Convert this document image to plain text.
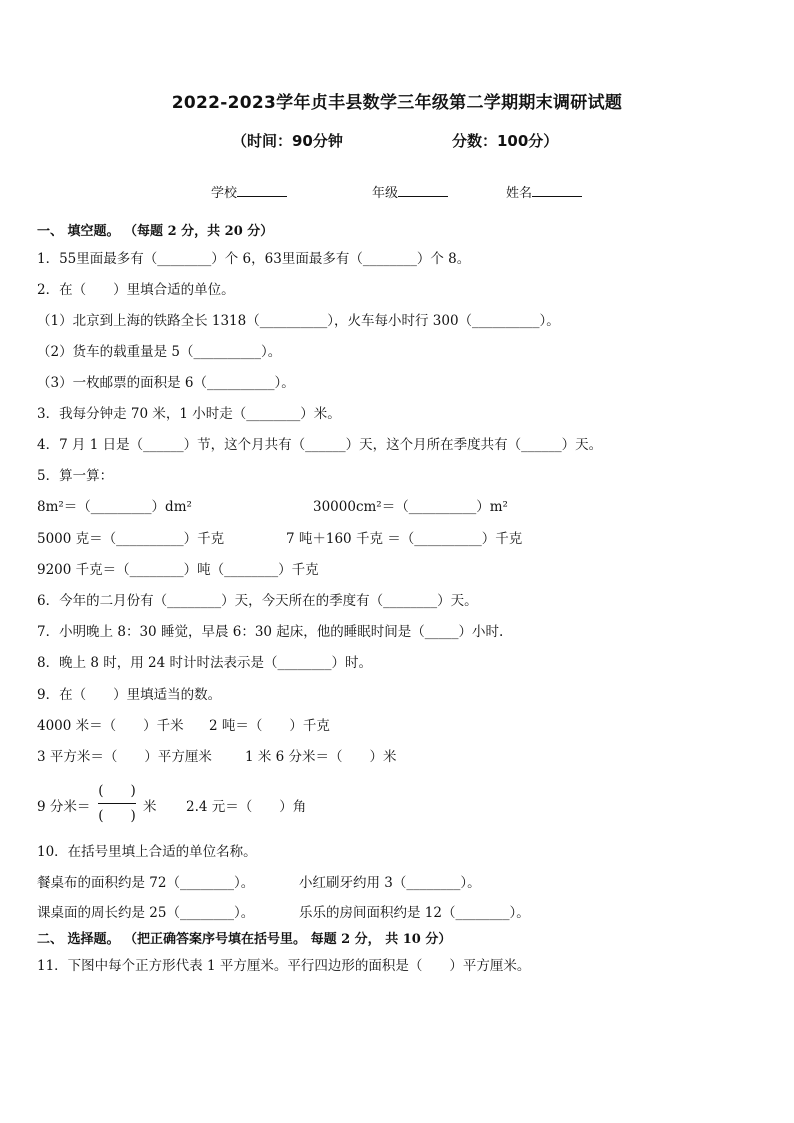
2022-2023学年贞丰县数学三年级第二学期期末调研试题
（时间：90分钟	分数：100分）
学校	年级	姓名
一、 填空题。 （每题 2 分，共 20 分）
1．55里面最多有（________）个 6，63里面最多有（________）个 8。
2．在（　　）里填合适的单位。
（1）北京到上海的铁路全长 1318（__________），火车每小时行 300（__________）。
（2）货车的载重量是 5（__________）。
（3）一枚邮票的面积是 6（__________）。
3．我每分钟走 70 米，1 小时走（________）米。
4．7 月 1 日是（______）节，这个月共有（______）天，这个月所在季度共有（______）天。
5．算一算：
8m²＝（_________）dm²	30000cm²＝（__________）m²
5000 克＝（__________）千克	7 吨＋160 千克 ＝（__________）千克
9200 千克＝（________）吨（________）千克
6．今年的二月份有（________）天，今天所在的季度有（________）天。
7．小明晚上 8：30 睡觉，早晨 6：30 起床，他的睡眠时间是（_____）小时.
8．晚上 8 时，用 24 时计时法表示是（________）时。
9．在（　　）里填适当的数。
4000 米＝（　　）千米 2 吨＝（　　）千克
3 平方米＝（　　）平方厘米 1 米 6 分米＝（　　）米
9 分米＝
(　　)
(　　)
米 2.4 元＝（　　）角
10．在括号里填上合适的单位名称。
餐桌布的面积约是 72（________）。	小红刷牙约用 3（________）。
课桌面的周长约是 25（________）。	乐乐的房间面积约是 12（________）。
二、 选择题。 （把正确答案序号填在括号里。 每题 2 分， 共 10 分）
11．下图中每个正方形代表 1 平方厘米。平行四边形的面积是（　　）平方厘米。
